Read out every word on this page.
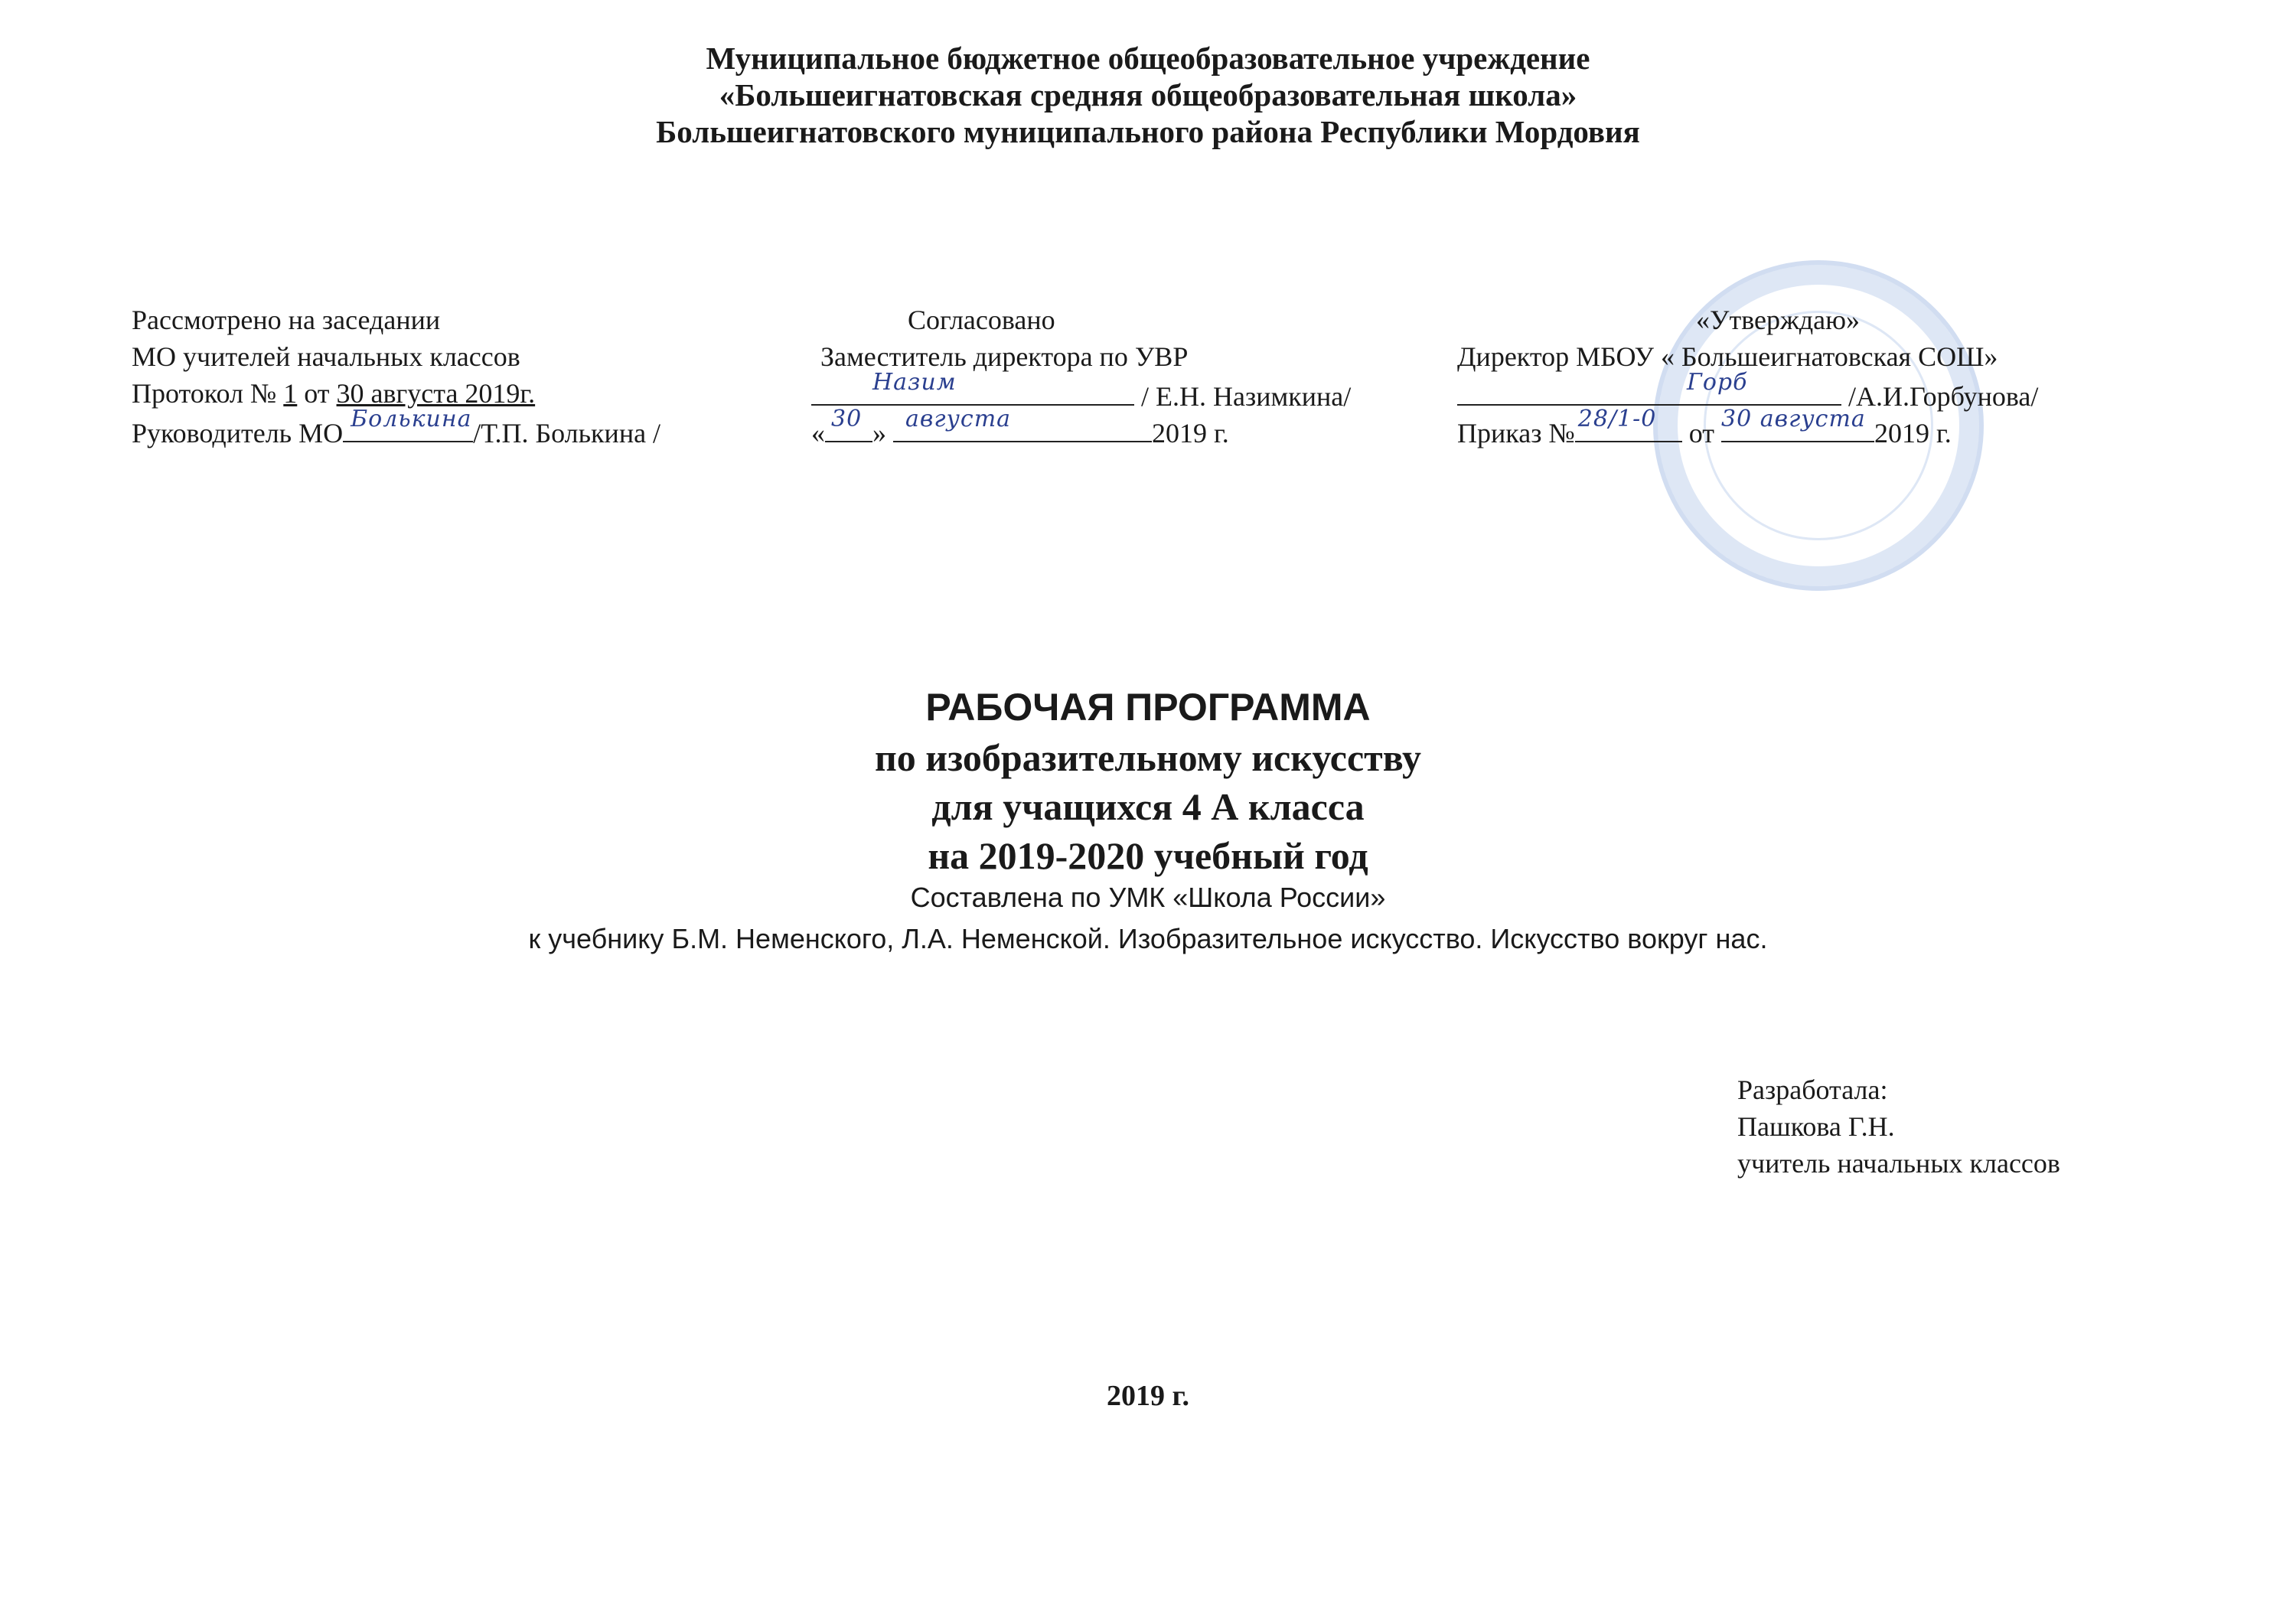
Муниципальное бюджетное общеобразовательное учреждение
«Большеигнатовская средняя общеобразовательная школа»
Большеигнатовского муниципального района Республики Мордовия
Рассмотрено на заседании
МО учителей начальных классов
Протокол № 1 от 30 августа 2019г.
Руководитель МО Болькина /Т.П. Болькина /
Согласовано
Заместитель директора по УВР
Назим	/ Е.Н. Назимкина/
« 30 » августа	2019 г.
«Утверждаю»
Директор МБОУ « Большеигнатовская СОШ»
Горб	/А.И.Горбунова/
Приказ № 28/1-0 от 30 августа 2019 г.
РАБОЧАЯ ПРОГРАММА
по изобразительному искусству
для учащихся 4 А класса
на 2019-2020 учебный год
Составлена по УМК «Школа России»
к учебнику Б.М. Неменского, Л.А. Неменской. Изобразительное искусство. Искусство вокруг нас.
Разработала:
Пашкова Г.Н.
учитель начальных классов
2019 г.
